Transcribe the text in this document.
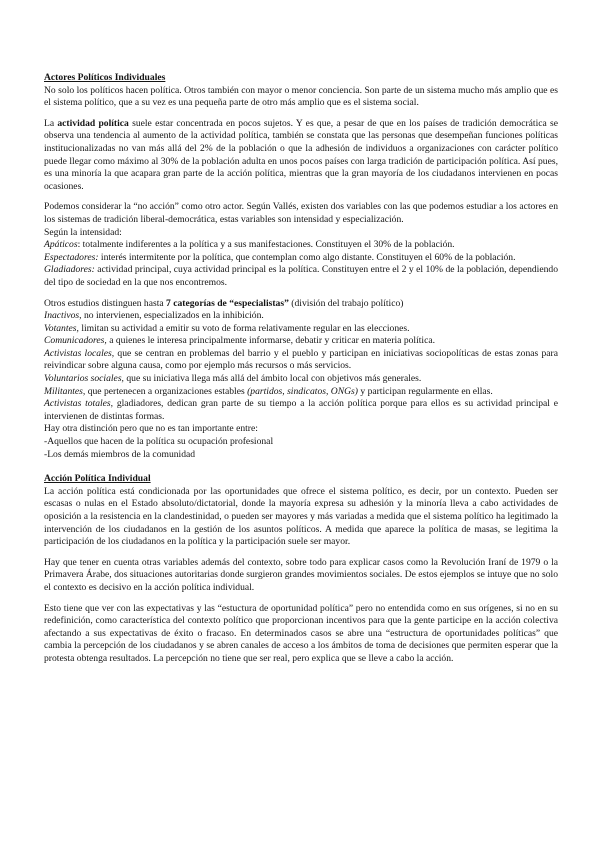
Actores Políticos Individuales

No solo los políticos hacen política. Otros también con mayor o menor conciencia. Son parte de un sistema mucho más amplio que es el sistema político, que a su vez es una pequeña parte de otro más amplio que es el sistema social.

La actividad política suele estar concentrada en pocos sujetos. Y es que, a pesar de que en los países de tradición democrática se observa una tendencia al aumento de la actividad política, también se constata que las personas que desempeñan funciones políticas institucionalizadas no van más allá del 2% de la población o que la adhesión de individuos a organizaciones con carácter político puede llegar como máximo al 30% de la población adulta en unos pocos países con larga tradición de participación política. Así pues, es una minoría la que acapara gran parte de la acción política, mientras que la gran mayoría de los ciudadanos intervienen en pocas ocasiones.

Podemos considerar la “no acción” como otro actor. Según Vallés, existen dos variables con las que podemos estudiar a los actores en los sistemas de tradición liberal-democrática, estas variables son intensidad y especialización.

Según la intensidad:

Apáticos: totalmente indiferentes a la política y a sus manifestaciones. Constituyen el 30% de la población.

Espectadores: interés intermitente por la política, que contemplan como algo distante. Constituyen el 60% de la población.

Gladiadores: actividad principal, cuya actividad principal es la política. Constituyen entre el 2 y el 10% de la población, dependiendo del tipo de sociedad en la que nos encontremos.

Otros estudios distinguen hasta 7 categorías de “especialistas” (división del trabajo político)

Inactivos, no intervienen, especializados en la inhibición.

Votantes, limitan su actividad a emitir su voto de forma relativamente regular en las elecciones.

Comunicadores, a quienes le interesa principalmente informarse, debatir y criticar en materia política.

Activistas locales, que se centran en problemas del barrio y el pueblo y participan en iniciativas sociopolíticas de estas zonas para reivindicar sobre alguna causa, como por ejemplo más recursos o más servicios.

Voluntarios sociales, que su iniciativa llega más allá del ámbito local con objetivos más generales.

Militantes, que pertenecen a organizaciones estables (partidos, sindicatos, ONGs) y participan regularmente en ellas.

Activistas totales, gladiadores, dedican gran parte de su tiempo a la acción política porque para ellos es su actividad principal e intervienen de distintas formas.

Hay otra distinción pero que no es tan importante entre:

-Aquellos que hacen de la política su ocupación profesional

-Los demás miembros de la comunidad

Acción Política Individual

La acción política está condicionada por las oportunidades que ofrece el sistema político, es decir, por un contexto. Pueden ser escasas o nulas en el Estado absoluto/dictatorial, donde la mayoría expresa su adhesión y la minoría lleva a cabo actividades de oposición a la resistencia en la clandestinidad, o pueden ser mayores y más variadas a medida que el sistema político ha legitimado la intervención de los ciudadanos en la gestión de los asuntos políticos. A medida que aparece la política de masas, se legitima la participación de los ciudadanos en la política y la participación suele ser mayor.

Hay que tener en cuenta otras variables además del contexto, sobre todo para explicar casos como la Revolución Iraní de 1979 o la Primavera Árabe, dos situaciones autoritarias donde surgieron grandes movimientos sociales. De estos ejemplos se intuye que no solo el contexto es decisivo en la acción política individual.

Esto tiene que ver con las expectativas y las “estuctura de oportunidad política” pero no entendida como en sus orígenes, si no en su redefinición, como característica del contexto político que proporcionan incentivos para que la gente participe en la acción colectiva afectando a sus expectativas de éxito o fracaso. En determinados casos se abre una “estructura de oportunidades políticas” que cambia la percepción de los ciudadanos y se abren canales de acceso a los ámbitos de toma de decisiones que permiten esperar que la protesta obtenga resultados. La percepción no tiene que ser real, pero explica que se lleve a cabo la acción.
